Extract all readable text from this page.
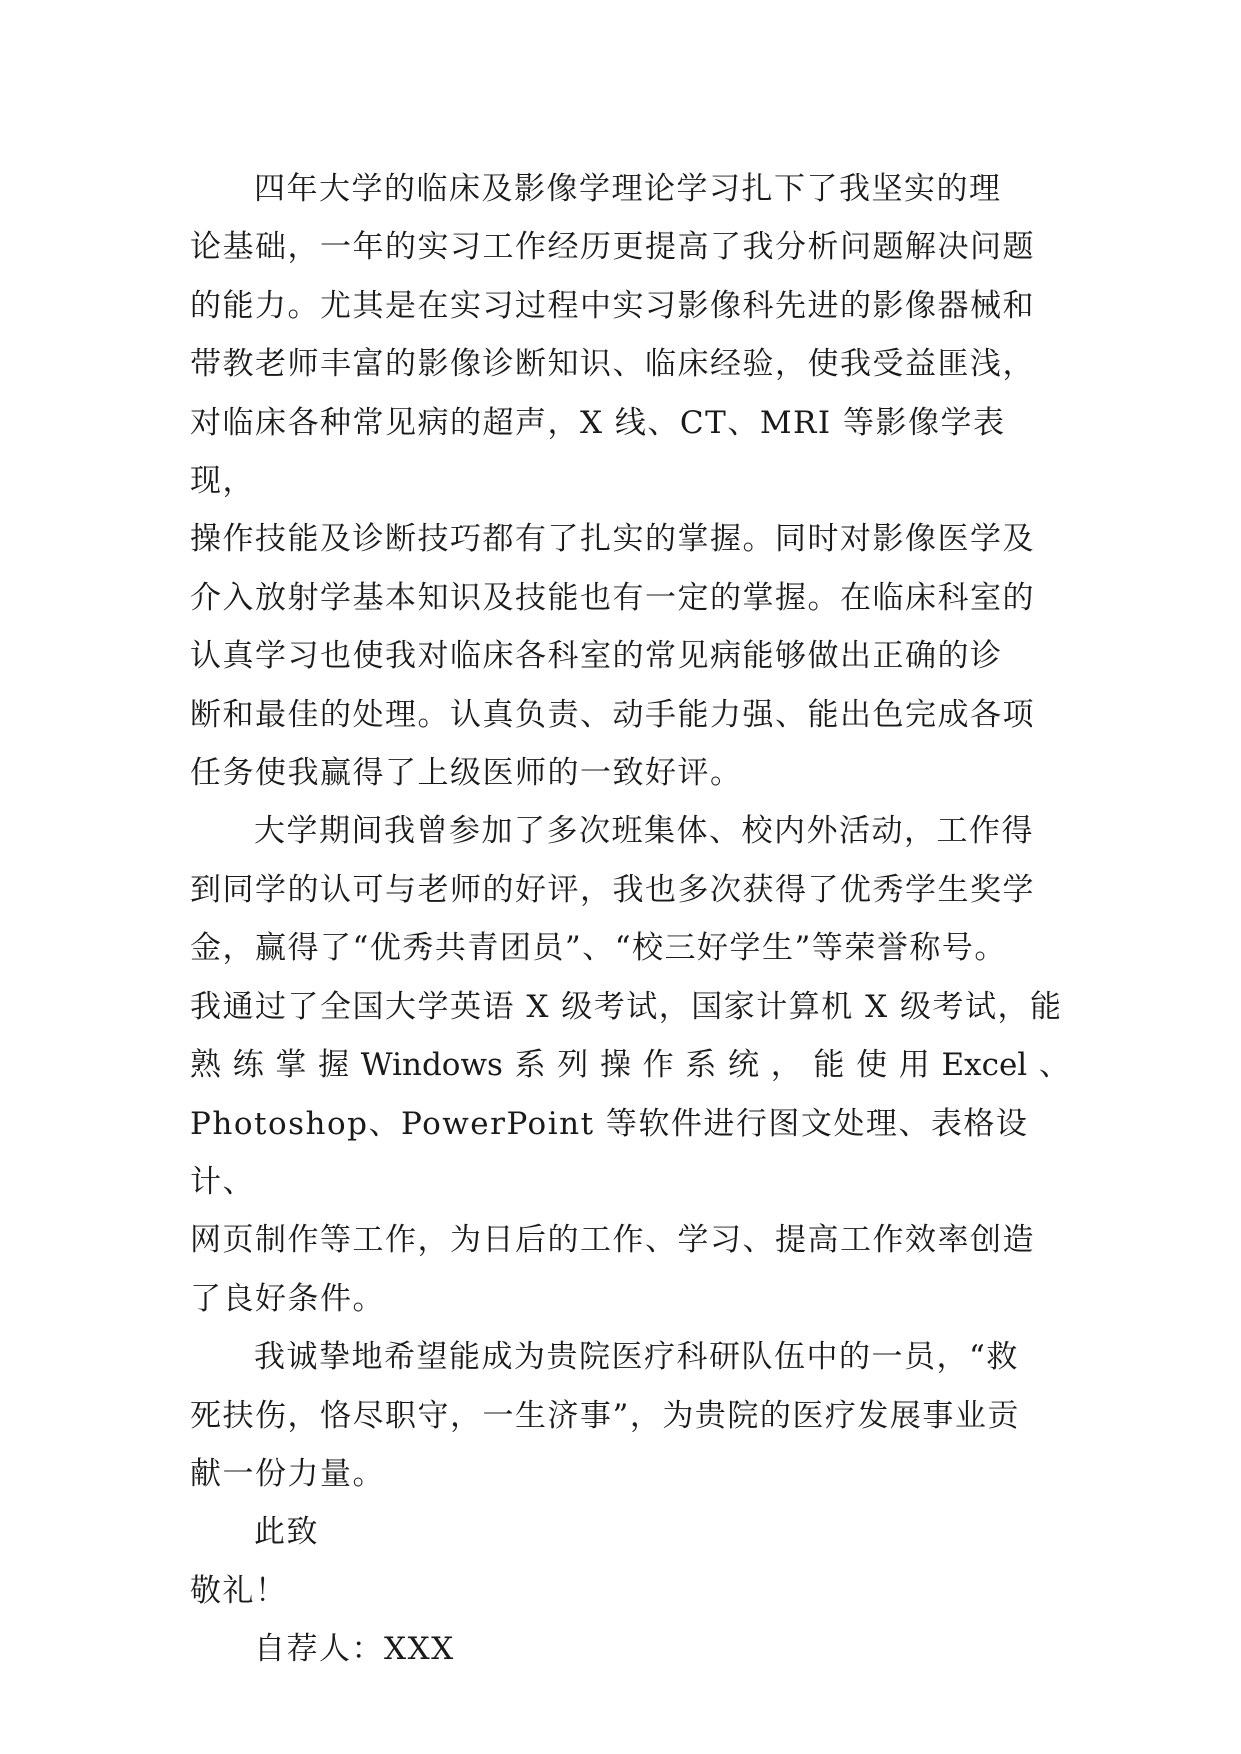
四年大学的临床及影像学理论学习扎下了我坚实的理

论基础，一年的实习工作经历更提高了我分析问题解决问题

的能力。尤其是在实习过程中实习影像科先进的影像器械和

带教老师丰富的影像诊断知识、临床经验，使我受益匪浅，

对临床各种常见病的超声，X 线、CT、MRI 等影像学表现，

操作技能及诊断技巧都有了扎实的掌握。同时对影像医学及

介入放射学基本知识及技能也有一定的掌握。在临床科室的

认真学习也使我对临床各科室的常见病能够做出正确的诊

断和最佳的处理。认真负责、动手能力强、能出色完成各项

任务使我赢得了上级医师的一致好评。

大学期间我曾参加了多次班集体、校内外活动，工作得

到同学的认可与老师的好评，我也多次获得了优秀学生奖学

金，赢得了“优秀共青团员”、“校三好学生”等荣誉称号。

我通过了全国大学英语 X 级考试，国家计算机 X 级考试，能

熟 练 掌 握 Windows 系 列 操 作 系 统 ， 能 使 用 Excel 、

Photoshop、PowerPoint 等软件进行图文处理、表格设计、

网页制作等工作，为日后的工作、学习、提高工作效率创造

了良好条件。

我诚挚地希望能成为贵院医疗科研队伍中的一员，“救

死扶伤，恪尽职守，一生济事”，为贵院的医疗发展事业贡

献一份力量。

此致

敬礼！

自荐人：XXX
